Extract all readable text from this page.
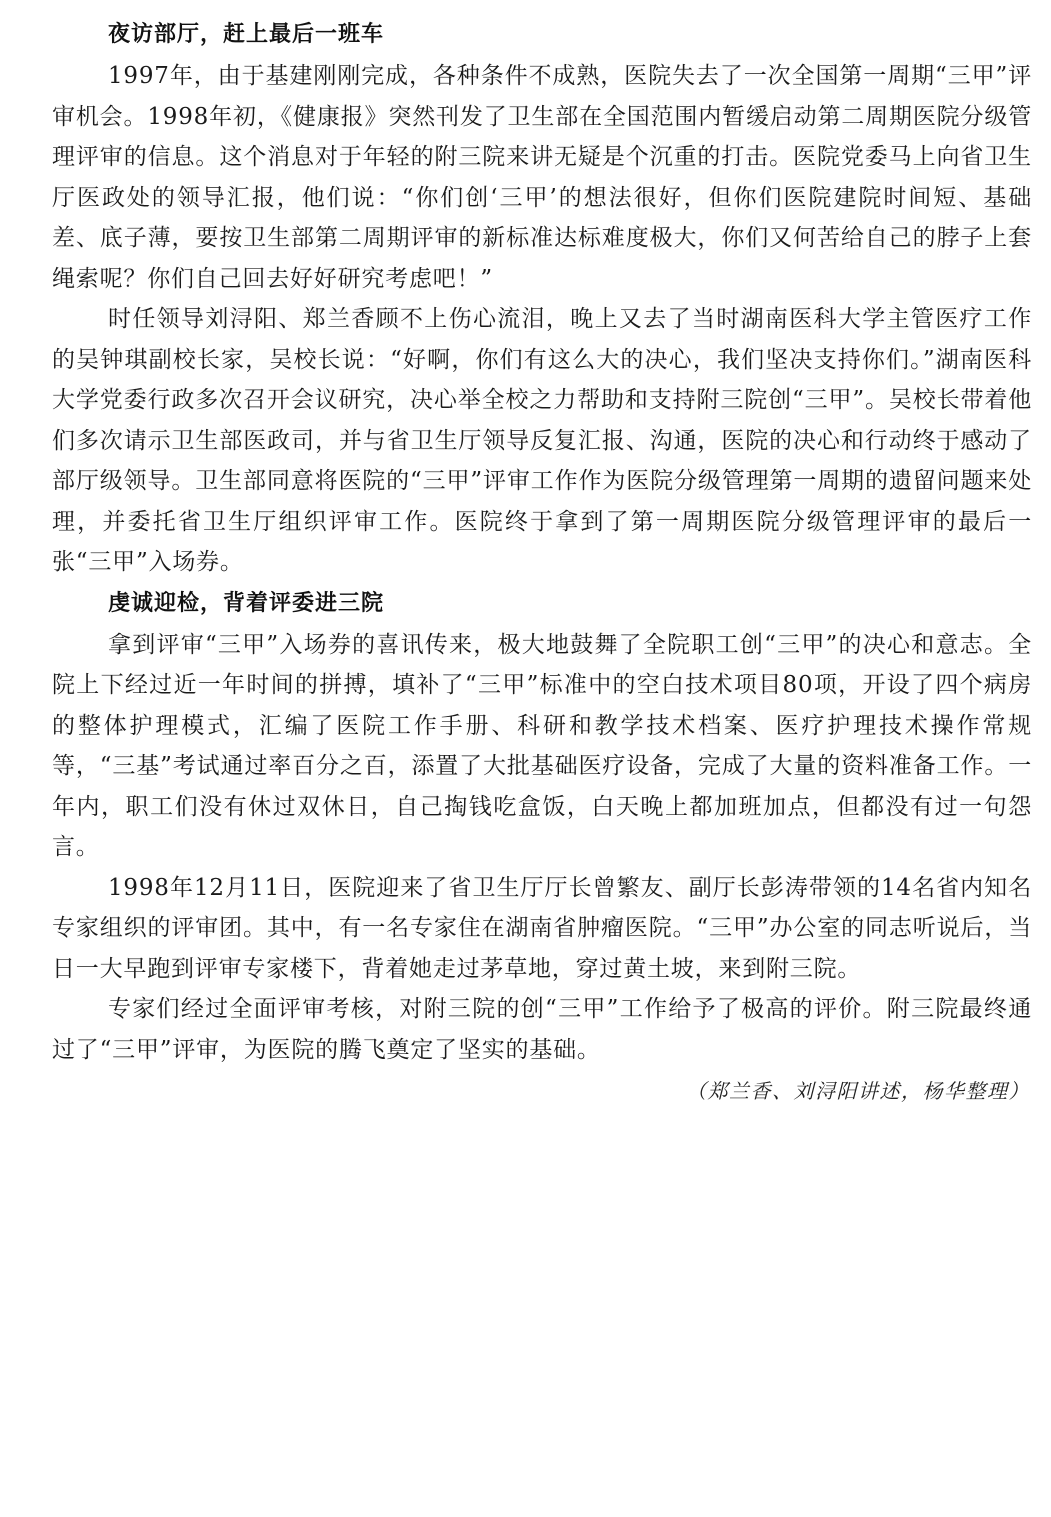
夜访部厅，赶上最后一班车

1997年，由于基建刚刚完成，各种条件不成熟，医院失去了一次全国第一周期“三甲”评审机会。1998年初，《健康报》突然刊发了卫生部在全国范围内暂缓启动第二周期医院分级管理评审的信息。这个消息对于年轻的附三院来讲无疑是个沉重的打击。医院党委马上向省卫生厅医政处的领导汇报，他们说：“你们创‘三甲’的想法很好，但你们医院建院时间短、基础差、底子薄，要按卫生部第二周期评审的新标准达标难度极大，你们又何苦给自己的脖子上套绳索呢？你们自己回去好好研究考虑吧！”

时任领导刘浔阳、郑兰香顾不上伤心流泪，晚上又去了当时湖南医科大学主管医疗工作的吴钟琪副校长家，吴校长说：“好啊，你们有这么大的决心，我们坚决支持你们。”湖南医科大学党委行政多次召开会议研究，决心举全校之力帮助和支持附三院创“三甲”。吴校长带着他们多次请示卫生部医政司，并与省卫生厅领导反复汇报、沟通，医院的决心和行动终于感动了部厅级领导。卫生部同意将医院的“三甲”评审工作作为医院分级管理第一周期的遗留问题来处理，并委托省卫生厅组织评审工作。医院终于拿到了第一周期医院分级管理评审的最后一张“三甲”入场券。

虔诚迎检，背着评委进三院

拿到评审“三甲”入场券的喜讯传来，极大地鼓舞了全院职工创“三甲”的决心和意志。全院上下经过近一年时间的拼搏，填补了“三甲”标准中的空白技术项目80项，开设了四个病房的整体护理模式，汇编了医院工作手册、科研和教学技术档案、医疗护理技术操作常规等，“三基”考试通过率百分之百，添置了大批基础医疗设备，完成了大量的资料准备工作。一年内，职工们没有休过双休日，自己掏钱吃盒饭，白天晚上都加班加点，但都没有过一句怨言。

1998年12月11日，医院迎来了省卫生厅厅长曾繁友、副厅长彭涛带领的14名省内知名专家组织的评审团。其中，有一名专家住在湖南省肿瘤医院。“三甲”办公室的同志听说后，当日一大早跑到评审专家楼下，背着她走过茅草地，穿过黄土坡，来到附三院。

专家们经过全面评审考核，对附三院的创“三甲”工作给予了极高的评价。附三院最终通过了“三甲”评审，为医院的腾飞奠定了坚实的基础。

（郑兰香、刘浔阳讲述，杨华整理）
